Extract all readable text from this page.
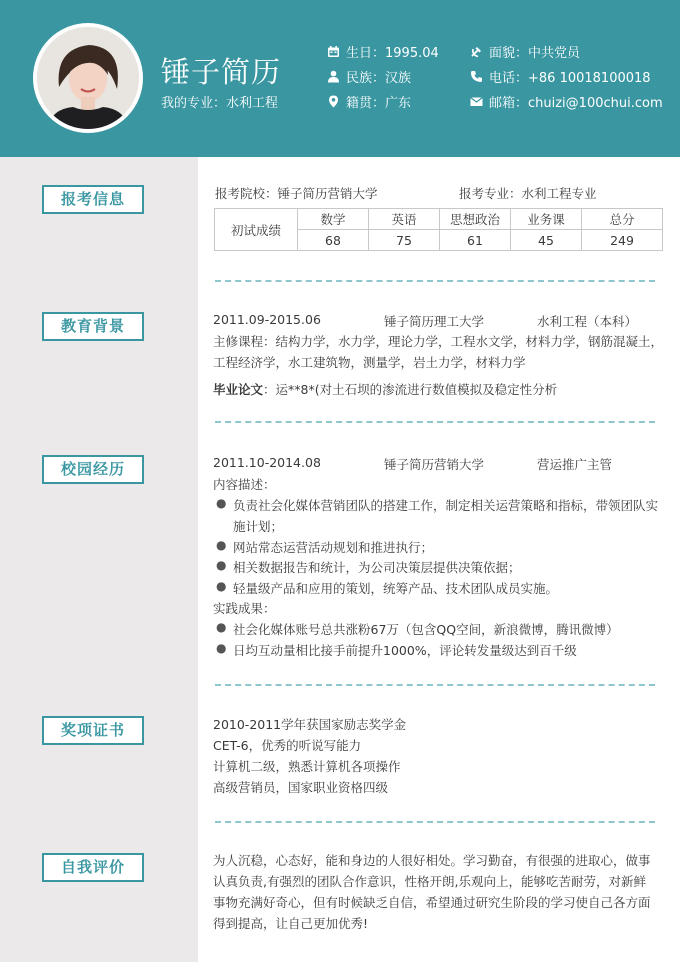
锤子简历
我的专业：水利工程
生日：1995.04
民族：汉族
籍贯：广东
面貌：中共党员
电话：+86 10018100018
邮箱：chuizi@100chui.com
报考信息
教育背景
校园经历
奖项证书
自我评价
报考院校：锤子简历营销大学	报考专业：水利工程专业
初试成绩	数学	英语	思想政治	业务课	总分
	68	75	61	45	249
2011.09-2015.06	锤子简历理工大学	水利工程（本科）
主修课程：结构力学，水力学，理论力学，工程水文学，材料力学，钢筋混凝土，
工程经济学，水工建筑物，测量学，岩土力学，材料力学
毕业论文：运**8*(对土石坝的渗流进行数值模拟及稳定性分析
2011.10-2014.08	锤子简历营销大学	营运推广主管
内容描述：
● 负责社会化媒体营销团队的搭建工作，制定相关运营策略和指标，带领团队实
施计划；
● 网站常态运营活动规划和推进执行；
● 相关数据报告和统计，为公司决策层提供决策依据；
● 轻量级产品和应用的策划，统筹产品、技术团队成员实施。
实践成果：
● 社会化媒体账号总共涨粉67万（包含QQ空间，新浪微博，腾讯微博）
● 日均互动量相比接手前提升1000%，评论转发量级达到百千级
2010-2011学年获国家励志奖学金
CET-6，优秀的听说写能力
计算机二级，熟悉计算机各项操作
高级营销员，国家职业资格四级
为人沉稳，心态好，能和身边的人很好相处。学习勤奋，有很强的进取心，做事认真负责,有强烈的团队合作意识，性格开朗,乐观向上，能够吃苦耐劳，对新鲜事物充满好奇心，但有时候缺乏自信，希望通过研究生阶段的学习使自己各方面得到提高，让自己更加优秀!
